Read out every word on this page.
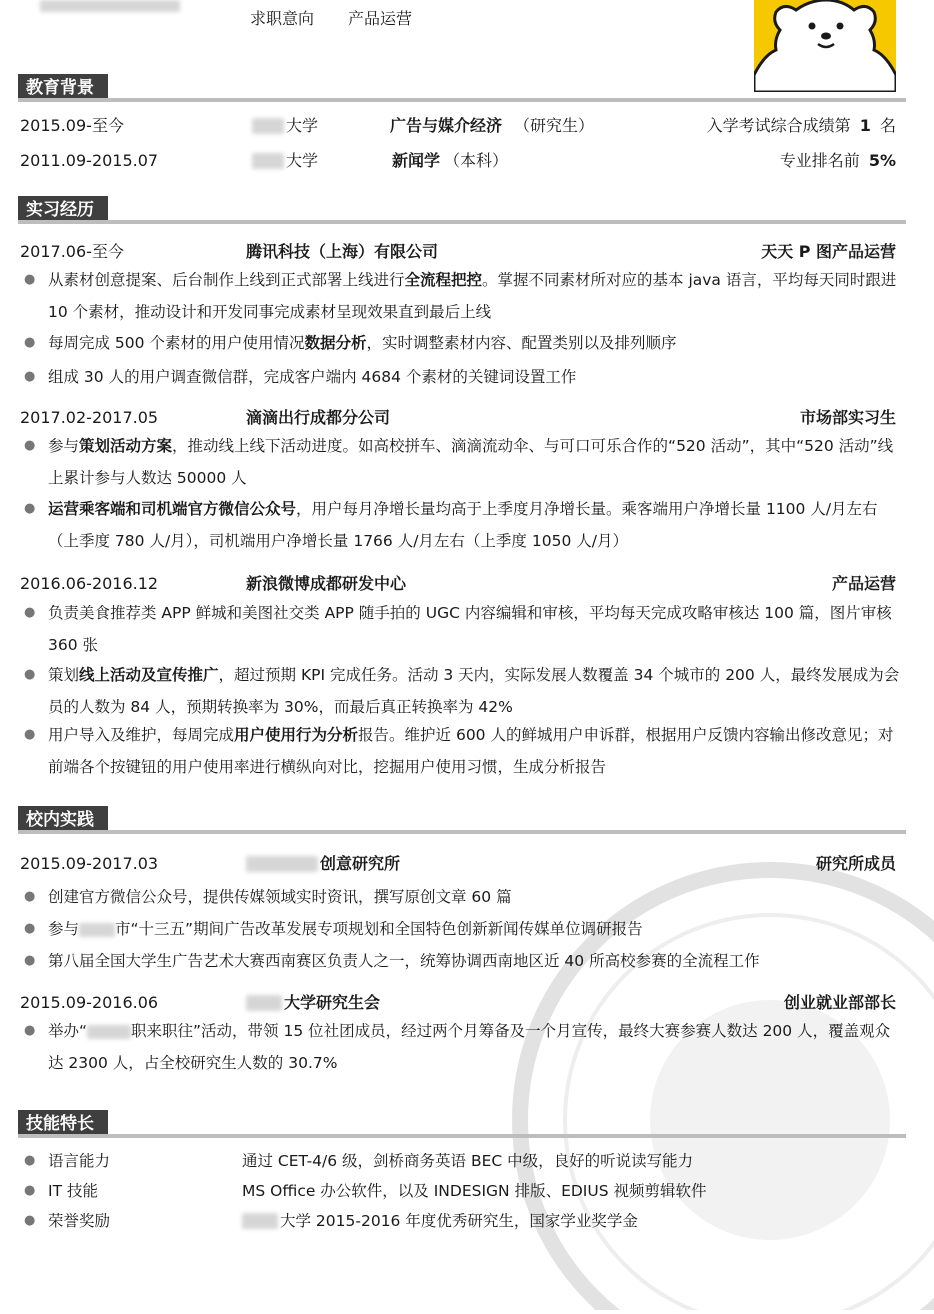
求职意向 产品运营
教育背景
2015.09-至今	大学	广告与媒介经济 （研究生）	入学考试综合成绩第 1 名
2011.09-2015.07	大学	新闻学 （本科）	专业排名前 5%
实习经历
2017.06-至今	腾讯科技（上海）有限公司	天天 P 图产品运营
● 从素材创意提案、后台制作上线到正式部署上线进行全流程把控。掌握不同素材所对应的基本 java 语言，平均每天同时跟进 10 个素材，推动设计和开发同事完成素材呈现效果直到最后上线
● 每周完成 500 个素材的用户使用情况数据分析，实时调整素材内容、配置类别以及排列顺序
● 组成 30 人的用户调查微信群，完成客户端内 4684 个素材的关键词设置工作
2017.02-2017.05	滴滴出行成都分公司	市场部实习生
● 参与策划活动方案，推动线上线下活动进度。如高校拼车、滴滴流动伞、与可口可乐合作的“520 活动”，其中“520 活动”线上累计参与人数达 50000 人
● 运营乘客端和司机端官方微信公众号，用户每月净增长量均高于上季度月净增长量。乘客端用户净增长量 1100 人/月左右（上季度 780 人/月），司机端用户净增长量 1766 人/月左右（上季度 1050 人/月）
2016.06-2016.12	新浪微博成都研发中心	产品运营
● 负责美食推荐类 APP 鲜城和美图社交类 APP 随手拍的 UGC 内容编辑和审核，平均每天完成攻略审核达 100 篇，图片审核 360 张
● 策划线上活动及宣传推广，超过预期 KPI 完成任务。活动 3 天内，实际发展人数覆盖 34 个城市的 200 人，最终发展成为会员的人数为 84 人，预期转换率为 30%，而最后真正转换率为 42%
● 用户导入及维护，每周完成用户使用行为分析报告。维护近 600 人的鲜城用户申诉群，根据用户反馈内容输出修改意见；对前端各个按键钮的用户使用率进行横纵向对比，挖掘用户使用习惯，生成分析报告
校内实践
2015.09-2017.03	创意研究所	研究所成员
● 创建官方微信公众号，提供传媒领域实时资讯，撰写原创文章 60 篇
● 参与 市“十三五”期间广告改革发展专项规划和全国特色创新新闻传媒单位调研报告
● 第八届全国大学生广告艺术大赛西南赛区负责人之一，统筹协调西南地区近 40 所高校参赛的全流程工作
2015.09-2016.06	大学研究生会	创业就业部部长
● 举办“	职来职往”活动，带领 15 位社团成员，经过两个月筹备及一个月宣传，最终大赛参赛人数达 200 人，覆盖观众达 2300 人，占全校研究生人数的 30.7%
技能特长
● 语言能力	通过 CET-4/6 级，剑桥商务英语 BEC 中级，良好的听说读写能力
● IT 技能	MS Office 办公软件，以及 INDESIGN 排版、EDIUS 视频剪辑软件
● 荣誉奖励	大学 2015-2016 年度优秀研究生，国家学业奖学金
